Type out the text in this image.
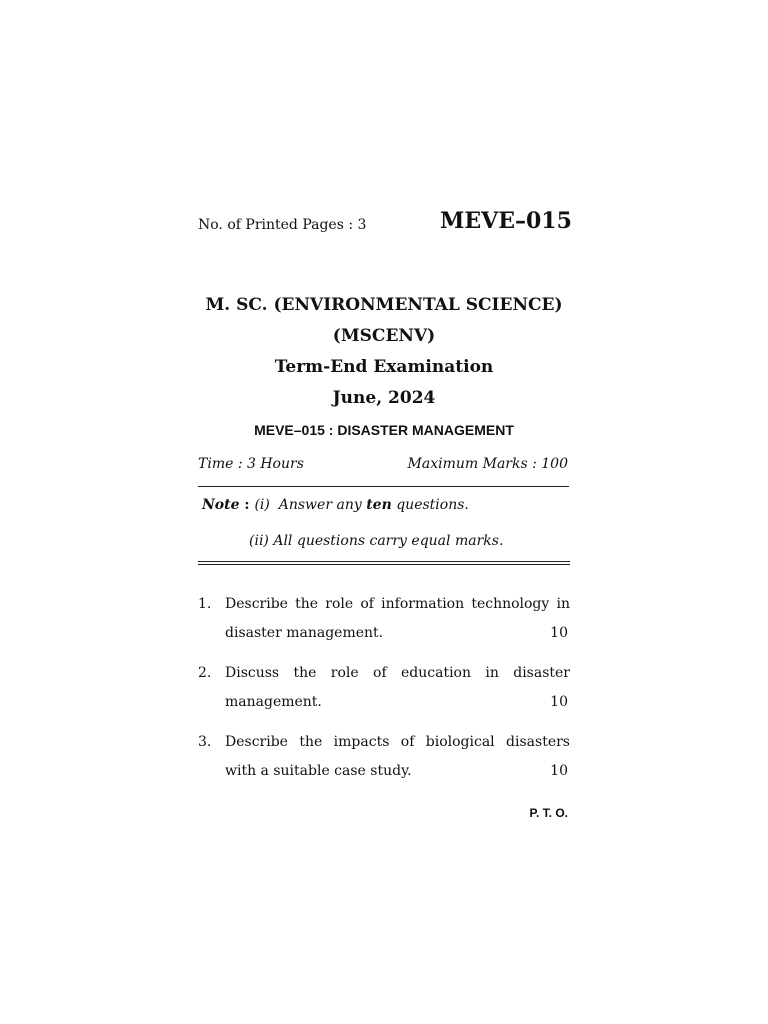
No. of Printed Pages : 3	MEVE–015
M. SC. (ENVIRONMENTAL SCIENCE)
(MSCENV)
Term-End Examination
June, 2024
MEVE–015 : DISASTER MANAGEMENT
Time : 3 Hours	Maximum Marks : 100
Note : (i) Answer any ten questions.
(ii) All questions carry equal marks.
1. Describe the role of information technology in
disaster management.	10
2. Discuss the role of education in disaster
management.	10
3. Describe the impacts of biological disasters
with a suitable case study.	10
P. T. O.
